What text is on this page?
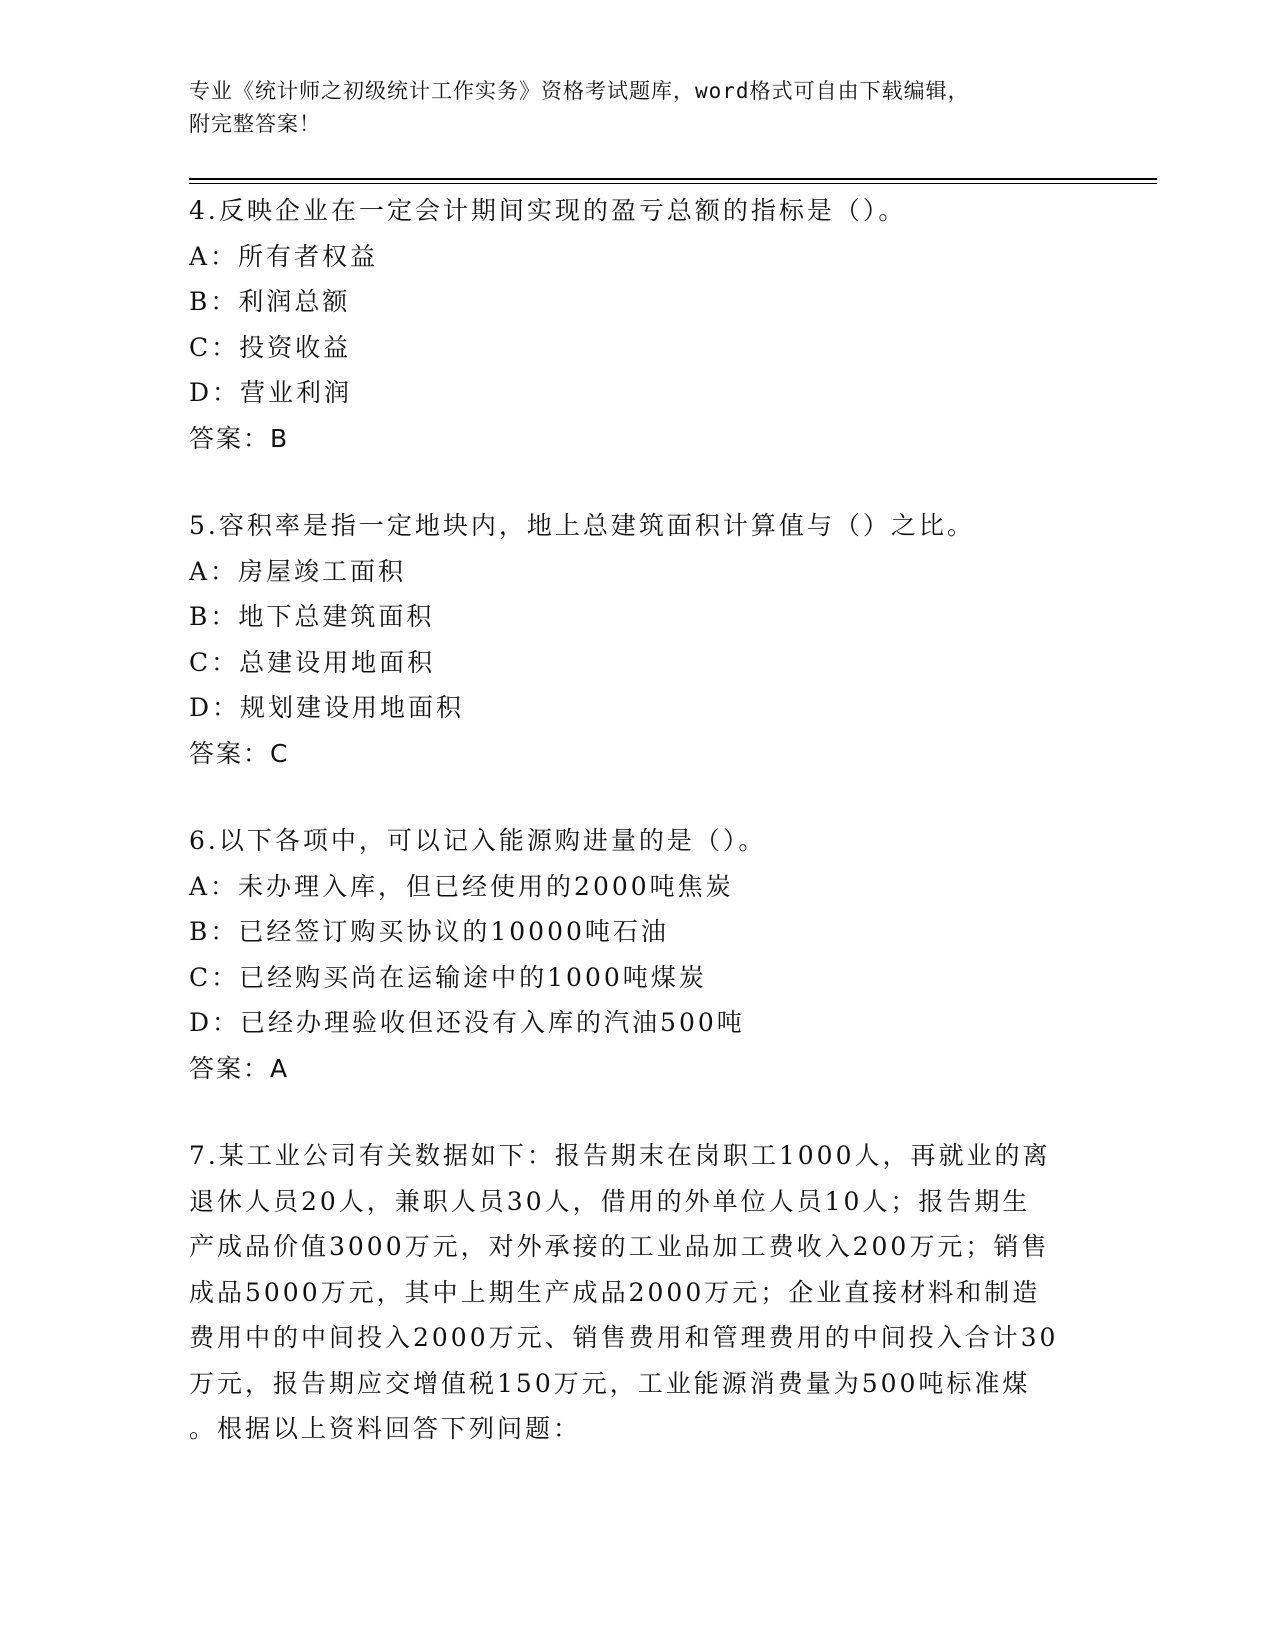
专业《统计师之初级统计工作实务》资格考试题库，word格式可自由下载编辑，
附完整答案！
4.反映企业在一定会计期间实现的盈亏总额的指标是（）。
A：所有者权益
B：利润总额
C：投资收益
D：营业利润
答案：B
5.容积率是指一定地块内，地上总建筑面积计算值与（）之比。
A：房屋竣工面积
B：地下总建筑面积
C：总建设用地面积
D：规划建设用地面积
答案：C
6.以下各项中，可以记入能源购进量的是（）。
A：未办理入库，但已经使用的2000吨焦炭
B：已经签订购买协议的10000吨石油
C：已经购买尚在运输途中的1000吨煤炭
D：已经办理验收但还没有入库的汽油500吨
答案：A
7.某工业公司有关数据如下：报告期末在岗职工1000人，再就业的离
退休人员20人，兼职人员30人，借用的外单位人员10人；报告期生
产成品价值3000万元，对外承接的工业品加工费收入200万元；销售
成品5000万元，其中上期生产成品2000万元；企业直接材料和制造
费用中的中间投入2000万元、销售费用和管理费用的中间投入合计30
万元，报告期应交增值税150万元，工业能源消费量为500吨标准煤
。根据以上资料回答下列问题：
